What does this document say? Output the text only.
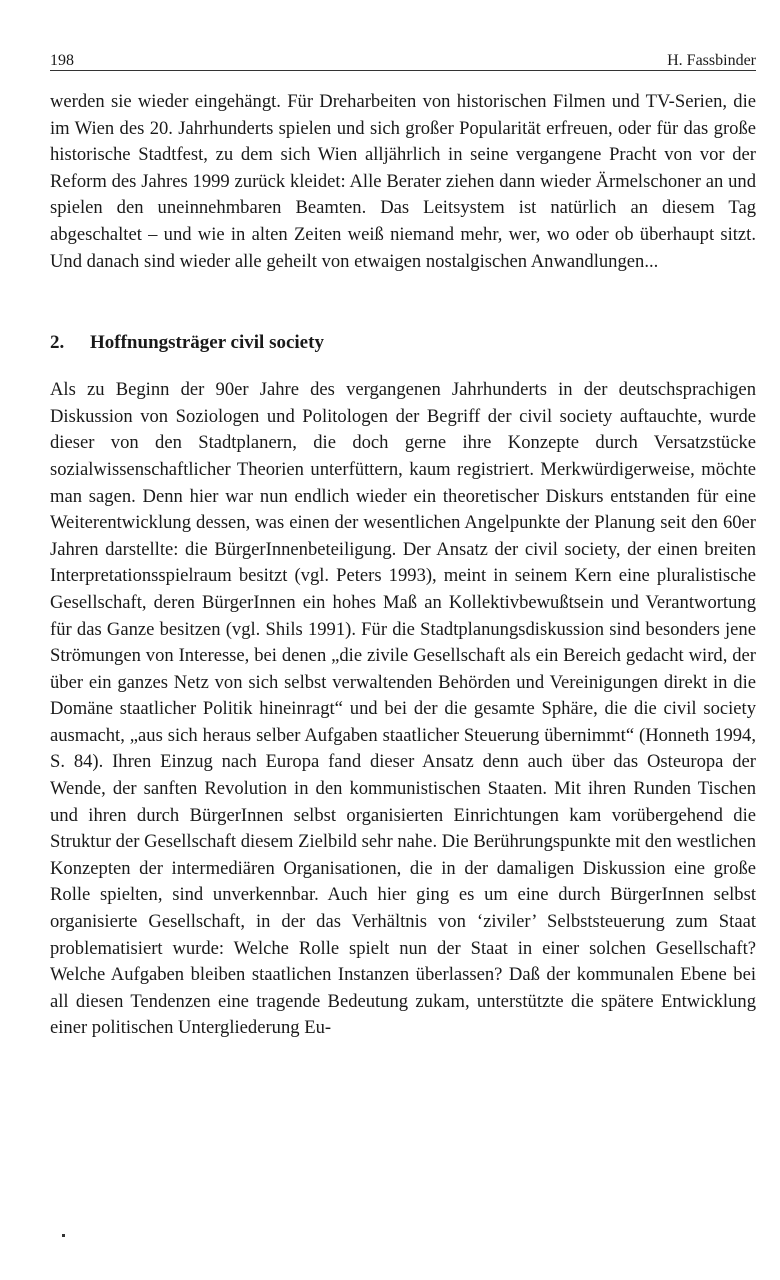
198	H. Fassbinder

werden sie wieder eingehängt. Für Dreharbeiten von historischen Filmen und TV-Serien, die im Wien des 20. Jahrhunderts spielen und sich großer Popularität erfreuen, oder für das große historische Stadtfest, zu dem sich Wien alljährlich in seine vergangene Pracht von vor der Reform des Jahres 1999 zurück kleidet: Alle Berater ziehen dann wieder Ärmelschoner an und spielen den uneinnehmbaren Beamten. Das Leitsystem ist natürlich an diesem Tag abgeschaltet – und wie in alten Zeiten weiß niemand mehr, wer, wo oder ob überhaupt sitzt. Und danach sind wieder alle geheilt von etwaigen nostalgischen Anwandlungen...

2.	Hoffnungsträger civil society

Als zu Beginn der 90er Jahre des vergangenen Jahrhunderts in der deutschsprachigen Diskussion von Soziologen und Politologen der Begriff der civil society auftauchte, wurde dieser von den Stadtplanern, die doch gerne ihre Konzepte durch Versatzstücke sozialwissenschaftlicher Theorien unterfüttern, kaum registriert. Merkwürdigerweise, möchte man sagen. Denn hier war nun endlich wieder ein theoretischer Diskurs entstanden für eine Weiterentwicklung dessen, was einen der wesentlichen Angelpunkte der Planung seit den 60er Jahren darstellte: die BürgerInnenbeteiligung. Der Ansatz der civil society, der einen breiten Interpretationsspielraum besitzt (vgl. Peters 1993), meint in seinem Kern eine pluralistische Gesellschaft, deren BürgerInnen ein hohes Maß an Kollektivbewußtsein und Verantwortung für das Ganze besitzen (vgl. Shils 1991). Für die Stadtplanungsdiskussion sind besonders jene Strömungen von Interesse, bei denen „die zivile Gesellschaft als ein Bereich gedacht wird, der über ein ganzes Netz von sich selbst verwaltenden Behörden und Vereinigungen direkt in die Domäne staatlicher Politik hineinragt“ und bei der die gesamte Sphäre, die die civil society ausmacht, „aus sich heraus selber Aufgaben staatlicher Steuerung übernimmt“ (Honneth 1994, S. 84). Ihren Einzug nach Europa fand dieser Ansatz denn auch über das Osteuropa der Wende, der sanften Revolution in den kommunistischen Staaten. Mit ihren Runden Tischen und ihren durch BürgerInnen selbst organisierten Einrichtungen kam vorübergehend die Struktur der Gesellschaft diesem Zielbild sehr nahe. Die Berührungspunkte mit den westlichen Konzepten der intermediären Organisationen, die in der damaligen Diskussion eine große Rolle spielten, sind unverkennbar. Auch hier ging es um eine durch BürgerInnen selbst organisierte Gesellschaft, in der das Verhältnis von ‘ziviler’ Selbststeuerung zum Staat problematisiert wurde: Welche Rolle spielt nun der Staat in einer solchen Gesellschaft? Welche Aufgaben bleiben staatlichen Instanzen überlassen? Daß der kommunalen Ebene bei all diesen Tendenzen eine tragende Bedeutung zukam, unterstützte die spätere Entwicklung einer politischen Untergliederung Eu-
